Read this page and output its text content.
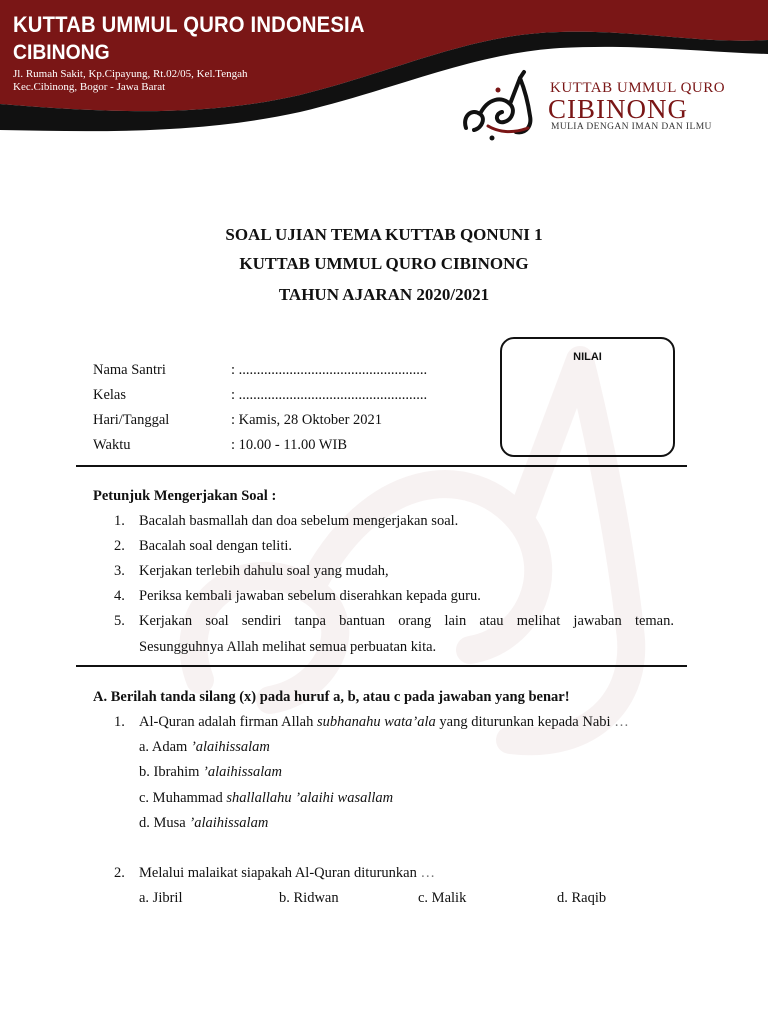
KUTTAB UMMUL QURO INDONESIA
CIBINONG
Jl. Rumah Sakit, Kp.Cipayung, Rt.02/05, Kel.Tengah
Kec.Cibinong, Bogor - Jawa Barat	KUTTAB UMMUL QURO
CIBINONG
MULIA DENGAN IMAN DAN ILMU
SOAL UJIAN TEMA KUTTAB QONUNI 1
KUTTAB UMMUL QURO CIBINONG
TAHUN AJARAN 2020/2021
Nama Santri	: ....................................................
Kelas	: ....................................................
Hari/Tanggal	: Kamis, 28 Oktober 2021
Waktu	: 10.00 - 11.00 WIB
NILAI
Petunjuk Mengerjakan Soal :
1. Bacalah basmallah dan doa sebelum mengerjakan soal.
2. Bacalah soal dengan teliti.
3. Kerjakan terlebih dahulu soal yang mudah,
4. Periksa kembali jawaban sebelum diserahkan kepada guru.
5. Kerjakan soal sendiri tanpa bantuan orang lain atau melihat jawaban teman.
Sesungguhnya Allah melihat semua perbuatan kita.
A. Berilah tanda silang (x) pada huruf a, b, atau c pada jawaban yang benar!
1. Al-Quran adalah firman Allah subhanahu wata’ala yang diturunkan kepada Nabi …
a. Adam ’alaihissalam
b. Ibrahim ’alaihissalam
c. Muhammad shallallahu ’alaihi wasallam
d. Musa ’alaihissalam
2. Melalui malaikat siapakah Al-Quran diturunkan …
a. Jibril	b. Ridwan	c. Malik	d. Raqib
